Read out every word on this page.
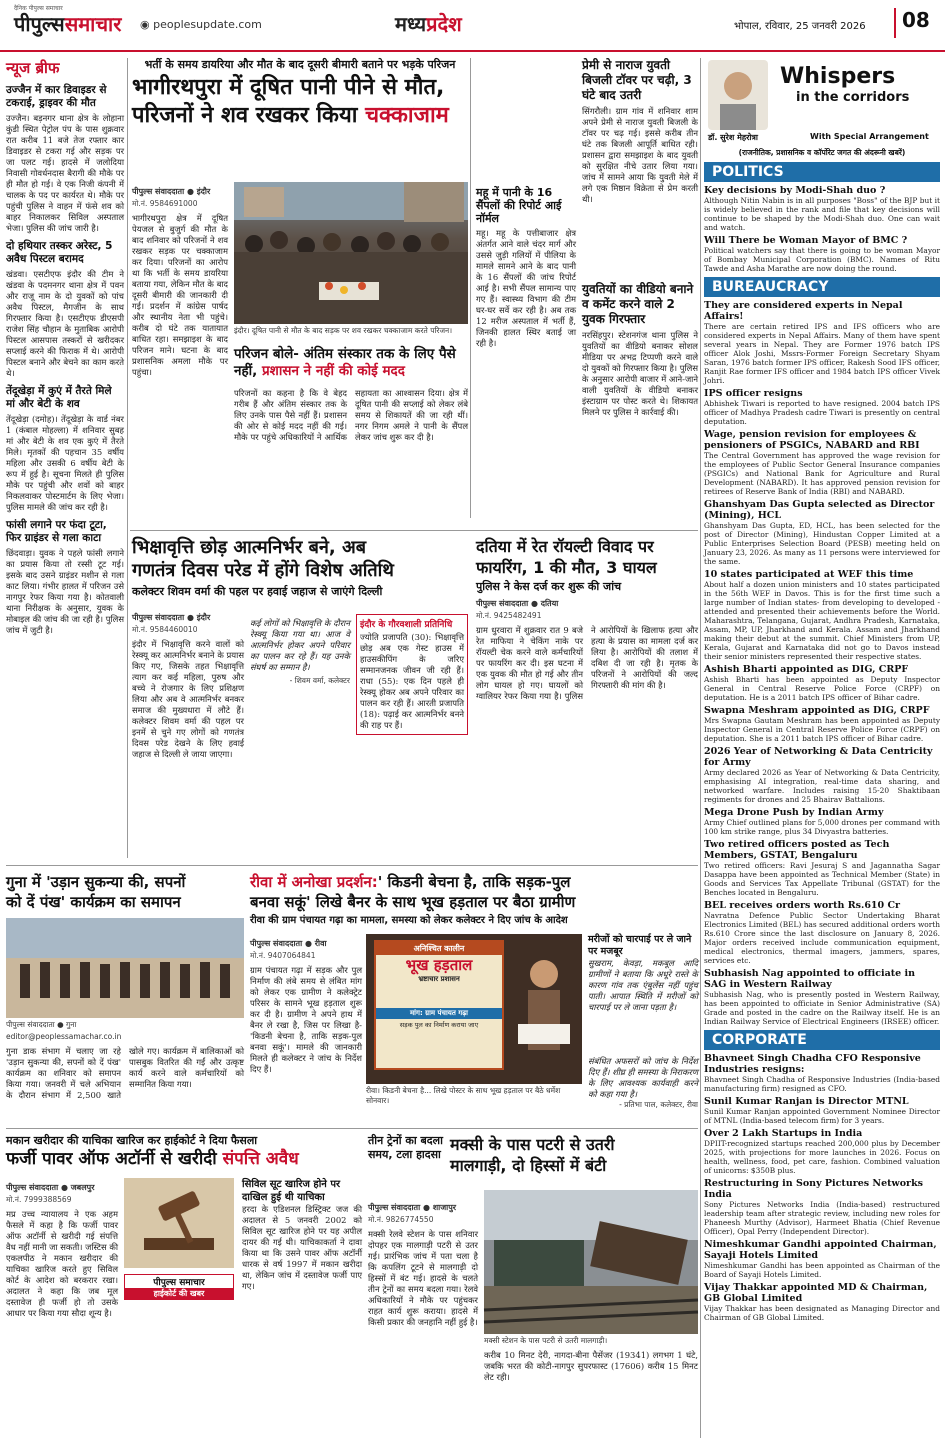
दैनिक पीपुल्स समाचार
पीपुल्ससमाचार ◉ peoplesupdate.com	मध्यप्रदेश	भोपाल, रविवार, 25 जनवरी 2026	08
न्यूज ब्रीफ
उज्जैन में कार डिवाइडर से टकराई, ड्राइवर की मौत
उज्जैन। बड़नगर थाना क्षेत्र के लोहाना कुंडी स्थित पेट्रोल पंप के पास शुक्रवार रात करीब 11 बजे तेज रफ्तार कार डिवाइडर से टकरा गई और सड़क पर जा पलट गई। हादसे में जलोदिया निवासी गोवर्धनदास बैरागी की मौके पर ही मौत हो गई। वे एक निजी कंपनी में चालक के पद पर कार्यरत थे। मौके पर पहुंची पुलिस ने वाहन में फंसे शव को बाहर निकालकर सिविल अस्पताल भेजा। पुलिस की जांच जारी है।
दो हथियार तस्कर अरेस्ट, 5 अवैध पिस्टल बरामद
खंडवा। एसटीएफ इंदौर की टीम ने खंडवा के पदमनगर थाना क्षेत्र में पवन और राजू नाम के दो युवकों को पांच अवैध पिस्टल, मैगजीन के साथ गिरफ्तार किया है। एसटीएफ डीएसपी राजेश सिंह चौहान के मुताबिक आरोपी पिस्टल आसपास तस्करों से खरीदकर सप्लाई करने की फिराक में थे। आरोपी पिस्टल बनाने और बेचने का काम करते थे।
तेंदूखेड़ा में कुएं में तैरते मिले मां और बेटी के शव
तेंदूखेड़ा (दमोह)। तेंदूखेड़ा के वार्ड नंबर 1 (कंबाल मोहल्ला) में शनिवार सुबह मां और बेटी के शव एक कुएं में तैरते मिले। मृतकों की पहचान 35 वर्षीय महिला और उसकी 6 वर्षीय बेटी के रूप में हुई है। सूचना मिलते ही पुलिस मौके पर पहुंची और शवों को बाहर निकलवाकर पोस्टमार्टम के लिए भेजा। पुलिस मामले की जांच कर रही है।
फांसी लगाने पर फंदा टूटा, फिर ग्राइंडर से गला काटा
छिंदवाड़ा। युवक ने पहले फांसी लगाने का प्रयास किया तो रस्सी टूट गई। इसके बाद उसने ग्राइंडर मशीन से गला काट लिया। गंभीर हालत में परिजन उसे नागपुर रेफर किया गया है। कोतवाली थाना निरीक्षक के अनुसार, युवक के मोबाइल की जांच की जा रही है। पुलिस जांच में जुटी है।
भर्ती के समय डायरिया और मौत के बाद दूसरी बीमारी बताने पर भड़के परिजन
भागीरथपुरा में दूषित पानी पीने से मौत,
परिजनों ने शव रखकर किया चक्काजाम
पीपुल्स संवाददाता ● इंदौर
मो.नं. 9584691000
भागीरथपुरा क्षेत्र में दूषित पेयजल से बुजुर्ग की मौत के बाद शनिवार को परिजनों ने शव रखकर सड़क पर चक्काजाम कर दिया। परिजनों का आरोप था कि भर्ती के समय डायरिया बताया गया, लेकिन मौत के बाद दूसरी बीमारी की जानकारी दी गई। प्रदर्शन में कांग्रेस पार्षद और स्थानीय नेता भी पहुंचे। करीब दो घंटे तक यातायात बाधित रहा। समझाइश के बाद परिजन माने। घटना के बाद प्रशासनिक अमला मौके पर पहुंचा।
इंदौर। दूषित पानी से मौत के बाद सड़क पर शव रखकर चक्काजाम करते परिजन।
परिजन बोले- अंतिम संस्कार तक के लिए पैसे नहीं, प्रशासन ने नहीं की कोई मदद
परिजनों का कहना है कि वे बेहद गरीब हैं और अंतिम संस्कार तक के लिए उनके पास पैसे नहीं हैं। प्रशासन की ओर से कोई मदद नहीं की गई। मौके पर पहुंचे अधिकारियों ने आर्थिक सहायता का आश्वासन दिया। क्षेत्र में दूषित पानी की सप्लाई को लेकर लंबे समय से शिकायतें की जा रही थीं। नगर निगम अमले ने पानी के सैंपल लेकर जांच शुरू कर दी है।
महू में पानी के 16 सैंपलों की रिपोर्ट आई नॉर्मल
महू। महू के पत्तीबाजार क्षेत्र अंतर्गत आने वाले चंदर मार्ग और उससे जुड़ी गलियों में पीलिया के मामले सामने आने के बाद पानी के 16 सैंपलों की जांच रिपोर्ट आई है। सभी सैंपल सामान्य पाए गए हैं। स्वास्थ्य विभाग की टीम घर-घर सर्वे कर रही है। अब तक 12 मरीज अस्पताल में भर्ती हैं, जिनकी हालत स्थिर बताई जा रही है।
प्रेमी से नाराज युवती बिजली टॉवर पर चढ़ी, 3 घंटे बाद उतरी
सिंगरौली। ग्राम गांव में शनिवार शाम अपने प्रेमी से नाराज युवती बिजली के टॉवर पर चढ़ गई। इससे करीब तीन घंटे तक बिजली आपूर्ति बाधित रही। प्रशासन द्वारा समझाइश के बाद युवती को सुरक्षित नीचे उतार लिया गया। जांच में सामने आया कि युवती मेले में लगे एक मिष्ठान विक्रेता से प्रेम करती थी।
युवतियों का वीडियो बनाने व कमेंट करने वाले 2 युवक गिरफ्तार
नरसिंहपुर। स्टेशनगंज थाना पुलिस ने युवतियों का वीडियो बनाकर सोशल मीडिया पर अभद्र टिप्पणी करने वाले दो युवकों को गिरफ्तार किया है। पुलिस के अनुसार आरोपी बाजार में आने-जाने वाली युवतियों के वीडियो बनाकर इंस्टाग्राम पर पोस्ट करते थे। शिकायत मिलने पर पुलिस ने कार्रवाई की।
भिक्षावृत्ति छोड़ आत्मनिर्भर बने, अब
गणतंत्र दिवस परेड में होंगे विशेष अतिथि
कलेक्टर शिवम वर्मा की पहल पर हवाई जहाज से जाएंगे दिल्ली
पीपुल्स संवाददाता ● इंदौर
मो.नं. 9584460010
इंदौर में भिक्षावृत्ति करने वालों को रेस्क्यू कर आत्मनिर्भर बनाने के प्रयास किए गए, जिसके तहत भिक्षावृत्ति त्याग कर कई महिला, पुरुष और बच्चे ने रोजगार के लिए प्रशिक्षण लिया और अब वे आत्मनिर्भर बनकर समाज की मुख्यधारा में लौटे हैं। कलेक्टर शिवम वर्मा की पहल पर इनमें से चुने गए लोगों को गणतंत्र दिवस परेड देखने के लिए हवाई जहाज से दिल्ली ले जाया जाएगा।
कई लोगों को भिक्षावृत्ति के दौरान रेस्क्यू किया गया था। आज वे आत्मनिर्भर होकर अपने परिवार का पालन कर रहे हैं। यह उनके संघर्ष का सम्मान है।
- शिवम वर्मा, कलेक्टर
इंदौर के गौरवशाली प्रतिनिधि
ज्योति प्रजापति (30): भिक्षावृत्ति छोड़ अब एक गेस्ट हाउस में हाउसकीपिंग के जरिए सम्मानजनक जीवन जी रही हैं। राधा (55): एक दिन पहले ही रेस्क्यू होकर अब अपने परिवार का पालन कर रही हैं। आरती प्रजापति (18): पढ़ाई कर आत्मनिर्भर बनने की राह पर हैं।
दतिया में रेत रॉयल्टी विवाद पर
फायरिंग, 1 की मौत, 3 घायल
पुलिस ने केस दर्ज कर शुरू की जांच
पीपुल्स संवाददाता ● दतिया
मो.नं. 9425482491
ग्राम धुरवारा में शुक्रवार रात 9 बजे रेत माफिया ने चेकिंग नाके पर रॉयल्टी चेक करने वाले कर्मचारियों पर फायरिंग कर दी। इस घटना में एक युवक की मौत हो गई और तीन लोग घायल हो गए। घायलों को ग्वालियर रेफर किया गया है। पुलिस ने आरोपियों के खिलाफ हत्या और हत्या के प्रयास का मामला दर्ज कर लिया है। आरोपियों की तलाश में दबिश दी जा रही है। मृतक के परिजनों ने आरोपियों की जल्द गिरफ्तारी की मांग की है।
गुना में 'उड़ान सुकन्या की, सपनों
को दें पंख' कार्यक्रम का समापन
पीपुल्स संवाददाता ● गुना
editor@peoplessamachar.co.in
गुना डाक संभाग में चलाए जा रहे 'उड़ान सुकन्या की, सपनों को दें पंख' कार्यक्रम का शनिवार को समापन किया गया। जनवरी में चले अभियान के दौरान संभाग में 2,500 खाते खोले गए। कार्यक्रम में बालिकाओं को पासबुक वितरित की गईं और उत्कृष्ट कार्य करने वाले कर्मचारियों को सम्मानित किया गया।
रीवा में अनोखा प्रदर्शन:' किडनी बेचना है, ताकि सड़क-पुल
बनवा सकूं' लिखे बैनर के साथ भूख हड़ताल पर बैठा ग्रामीण
रीवा की ग्राम पंचायत गढ़ा का मामला, समस्या को लेकर कलेक्टर ने दिए जांच के आदेश
पीपुल्स संवाददाता ● रीवा
मो.नं. 9407064841
ग्राम पंचायत गढ़ा में सड़क और पुल निर्माण की लंबे समय से लंबित मांग को लेकर एक ग्रामीण ने कलेक्ट्रेट परिसर के सामने भूख हड़ताल शुरू कर दी है। ग्रामीण ने अपने हाथ में बैनर ले रखा है, जिस पर लिखा है- 'किडनी बेचना है, ताकि सड़क-पुल बनवा सकूं'। मामले की जानकारी मिलते ही कलेक्टर ने जांच के निर्देश दिए हैं।
अनिश्चित कालीन
भूख हड़ताल
भ्रष्टाचार प्रशासन
मांग: ग्राम पंचायत गढ़ा
सड़क पुल का निर्माण कराया जाए
रीवा। किडनी बेचना है... लिखे पोस्टर के साथ भूख हड़ताल पर बैठे धर्मेश सोनवार।
मरीजों को चारपाई पर ले जाने पर मजबूर
सुखराम, केवड़ा, मकबूल आदि ग्रामीणों ने बताया कि अधूरे रास्ते के कारण गांव तक एंबुलेंस नहीं पहुंच पाती। आपात स्थिति में मरीजों को चारपाई पर ले जाना पड़ता है।
संबंधित अफसरों को जांच के निर्देश दिए हैं। शीघ्र ही समस्या के निराकरण के लिए आवश्यक कार्यवाही करने को कहा गया है।
- प्रतिभा पाल, कलेक्टर, रीवा
मकान खरीदार की याचिका खारिज कर हाईकोर्ट ने दिया फैसला
फर्जी पावर ऑफ अटॉर्नी से खरीदी संपत्ति अवैध
पीपुल्स संवाददाता ● जबलपुर
मो.नं. 7999388569
मप्र उच्च न्यायालय ने एक अहम फैसले में कहा है कि फर्जी पावर ऑफ अटॉर्नी से खरीदी गई संपत्ति वैध नहीं मानी जा सकती। जस्टिस की एकलपीठ ने मकान खरीदार की याचिका खारिज करते हुए सिविल कोर्ट के आदेश को बरकरार रखा। अदालत ने कहा कि जब मूल दस्तावेज ही फर्जी हो तो उसके आधार पर किया गया सौदा शून्य है।
पीपुल्स समाचार
हाईकोर्ट की खबर
सिविल सूट खारिज होने पर दाखिल हुई थी याचिका
हरदा के एडिशनल डिस्ट्रिक्ट जज की अदालत से 5 जनवरी 2002 को सिविल सूट खारिज होने पर यह अपील दायर की गई थी। याचिकाकर्ता ने दावा किया था कि उसने पावर ऑफ अटॉर्नी धारक से वर्ष 1997 में मकान खरीदा था, लेकिन जांच में दस्तावेज फर्जी पाए गए।
तीन ट्रेनों का बदला समय, टला हादसा
मक्सी के पास पटरी से उतरी
मालगाड़ी, दो हिस्सों में बंटी
पीपुल्स संवाददाता ● शाजापुर
मो.नं. 9826774550
मक्सी रेलवे स्टेशन के पास शनिवार दोपहर एक मालगाड़ी पटरी से उतर गई। प्रारंभिक जांच में पता चला है कि कपलिंग टूटने से मालगाड़ी दो हिस्सों में बंट गई। हादसे के चलते तीन ट्रेनों का समय बदला गया। रेलवे अधिकारियों ने मौके पर पहुंचकर राहत कार्य शुरू कराया। हादसे में किसी प्रकार की जनहानि नहीं हुई है।
मक्सी स्टेशन के पास पटरी से उतरी मालगाड़ी।
करीब 10 मिनट देरी, नागदा-बीना पैसेंजर (19341) लगभग 1 घंटे, जबकि भरत की कोटी-नागपुर सुपरफास्ट (17606) करीब 15 मिनट लेट रही।
Whispers
in the corridors
डॉ. सुरेश मेहरोत्रा	With Special Arrangement
(राजनीतिक, प्रशासनिक व कॉर्पोरेट जगत की अंदरूनी खबरें)
POLITICS
Key decisions by Modi-Shah duo ?
Although Nitin Nabin is in all purposes "Boss" of the BJP but it is widely believed in the rank and file that key decisions will continue to be shaped by the Modi-Shah duo. One can wait and watch.
Will There be Woman Mayor of BMC ?
Political watchers say that there is going to be woman Mayor of Bombay Municipal Corporation (BMC). Names of Ritu Tawde and Asha Marathe are now doing the round.
BUREAUCRACY
They are considered experts in Nepal Affairs!
There are certain retired IPS and IFS officers who are considered experts in Nepal Affairs. Many of them have spent several years in Nepal. They are Former 1976 batch IPS officer Alok Joshi, Mssrs-Former Foreign Secretary Shyam Saran, 1976 batch former IPS officer, Rakesh Sood IFS officer, Ranjit Rae former IFS officer and 1984 batch IPS officer Vivek Johri.
IPS officer resigns
Abhishek Tiwari is reported to have resigned. 2004 batch IPS officer of Madhya Pradesh cadre Tiwari is presently on central deputation.
Wage, pension revision for employees & pensioners of PSGICs, NABARD and RBI
The Central Government has approved the wage revision for the employees of Public Sector General Insurance companies (PSGICs) and National Bank for Agriculture and Rural Development (NABARD). It has approved pension revision for retirees of Reserve Bank of India (RBI) and NABARD.
Ghanshyam Das Gupta selected as Director (Mining), HCL
Ghanshyam Das Gupta, ED, HCL, has been selected for the post of Director (Mining), Hindustan Copper Limited at a Public Enterprises Selection Board (PESB) meeting held on January 23, 2026. As many as 11 persons were interviewed for the same.
10 states participated at WEF this time
About half a dozen union ministers and 10 states participated in the 56th WEF in Davos. This is for the first time such a large number of Indian states- from developing to developed - attended and presented their achievements before the World. Maharashtra, Telangana, Gujarat, Andhra Pradesh, Karnataka, Assam, MP, UP, Jharkhand and Kerala. Assam and Jharkhand making their debut at the summit. Chief Ministers from UP, Kerala, Gujarat and Karnataka did not go to Davos instead their senior ministers represented their respective states.
Ashish Bharti appointed as DIG, CRPF
Ashish Bharti has been appointed as Deputy Inspector General in Central Reserve Police Force (CRPF) on deputation. He is a 2011 batch IPS officer of Bihar cadre.
Swapna Meshram appointed as DIG, CRPF
Mrs Swapna Gautam Meshram has been appointed as Deputy Inspector General in Central Reserve Police Force (CRPF) on deputation. She is a 2011 batch IPS officer of Bihar cadre.
2026 Year of Networking & Data Centricity for Army
Army declared 2026 as Year of Networking & Data Centricity, emphasising AI integration, real-time data sharing, and networked warfare. Includes raising 15-20 Shaktibaan regiments for drones and 25 Bhairav Battalions.
Mega Drone Push by Indian Army
Army Chief outlined plans for 5,000 drones per command with 100 km strike range, plus 34 Divyastra batteries.
Two retired officers posted as Tech Members, GSTAT, Bengaluru
Two retired officers: Ravi Jesuraj S and Jagannatha Sagar Dasappa have been appointed as Technical Member (State) in Goods and Services Tax Appellate Tribunal (GSTAT) for the Benches located in Bengaluru.
BEL receives orders worth Rs.610 Cr
Navratna Defence Public Sector Undertaking Bharat Electronics Limited (BEL) has secured additional orders worth Rs.610 Crore since the last disclosure on January 8, 2026. Major orders received include communication equipment, medical electronics, thermal imagers, jammers, spares, services etc.
Subhasish Nag appointed to officiate in SAG in Western Railway
Subhasish Nag, who is presently posted in Western Railway, has been appointed to officiate in Senior Administrative (SA) Grade and posted in the cadre on the Railway itself. He is an Indian Railway Service of Electrical Engineers (IRSEE) officer.
CORPORATE
Bhavneet Singh Chadha CFO Responsive Industries resigns:
Bhavneet Singh Chadha of Responsive Industries (India-based manufacturing firm) resigned as CFO.
Sunil Kumar Ranjan is Director MTNL
Sunil Kumar Ranjan appointed Government Nominee Director of MTNL (India-based telecom firm) for 3 years.
Over 2 Lakh Startups in India
DPIIT-recognized startups reached 200,000 plus by December 2025, with projections for more launches in 2026. Focus on health, wellness, food, pet care, fashion. Combined valuation of unicorns: $350B plus.
Restructuring in Sony Pictures Networks India
Sony Pictures Networks India (India-based) restructured leadership team after strategic review, including new roles for Phaneesh Murthy (Advisor), Harmeet Bhatia (Chief Revenue Officer), Opal Perry (Independent Director).
Nimeshkumar Gandhi appointed Chairman, Sayaji Hotels Limited
Nimeshkumar Gandhi has been appointed as Chairman of the Board of Sayaji Hotels Limited.
Vijay Thakkar appointed MD & Chairman, GB Global Limited
Vijay Thakkar has been designated as Managing Director and Chairman of GB Global Limited.
